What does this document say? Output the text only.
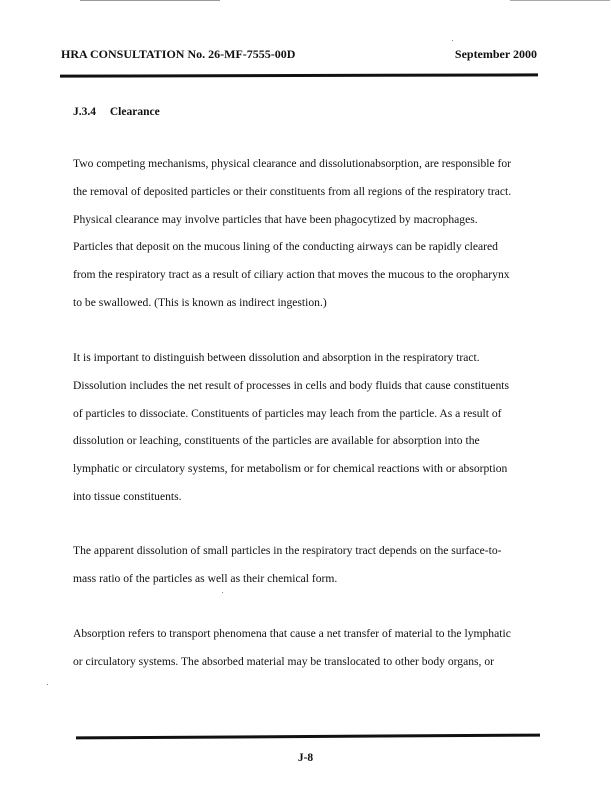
HRA CONSULTATION No. 26-MF-7555-00D	September 2000
J.3.4 Clearance

Two competing mechanisms, physical clearance and dissolutionabsorption, are responsible for

the removal of deposited particles or their constituents from all regions of the respiratory tract.

Physical clearance may involve particles that have been phagocytized by macrophages.

Particles that deposit on the mucous lining of the conducting airways can be rapidly cleared

from the respiratory tract as a result of ciliary action that moves the mucous to the oropharynx

to be swallowed. (This is known as indirect ingestion.)

It is important to distinguish between dissolution and absorption in the respiratory tract.

Dissolution includes the net result of processes in cells and body fluids that cause constituents

of particles to dissociate. Constituents of particles may leach from the particle. As a result of

dissolution or leaching, constituents of the particles are available for absorption into the

lymphatic or circulatory systems, for metabolism or for chemical reactions with or absorption

into tissue constituents.

The apparent dissolution of small particles in the respiratory tract depends on the surface-to-

mass ratio of the particles as well as their chemical form.

Absorption refers to transport phenomena that cause a net transfer of material to the lymphatic

or circulatory systems. The absorbed material may be translocated to other body organs, or

J-8
